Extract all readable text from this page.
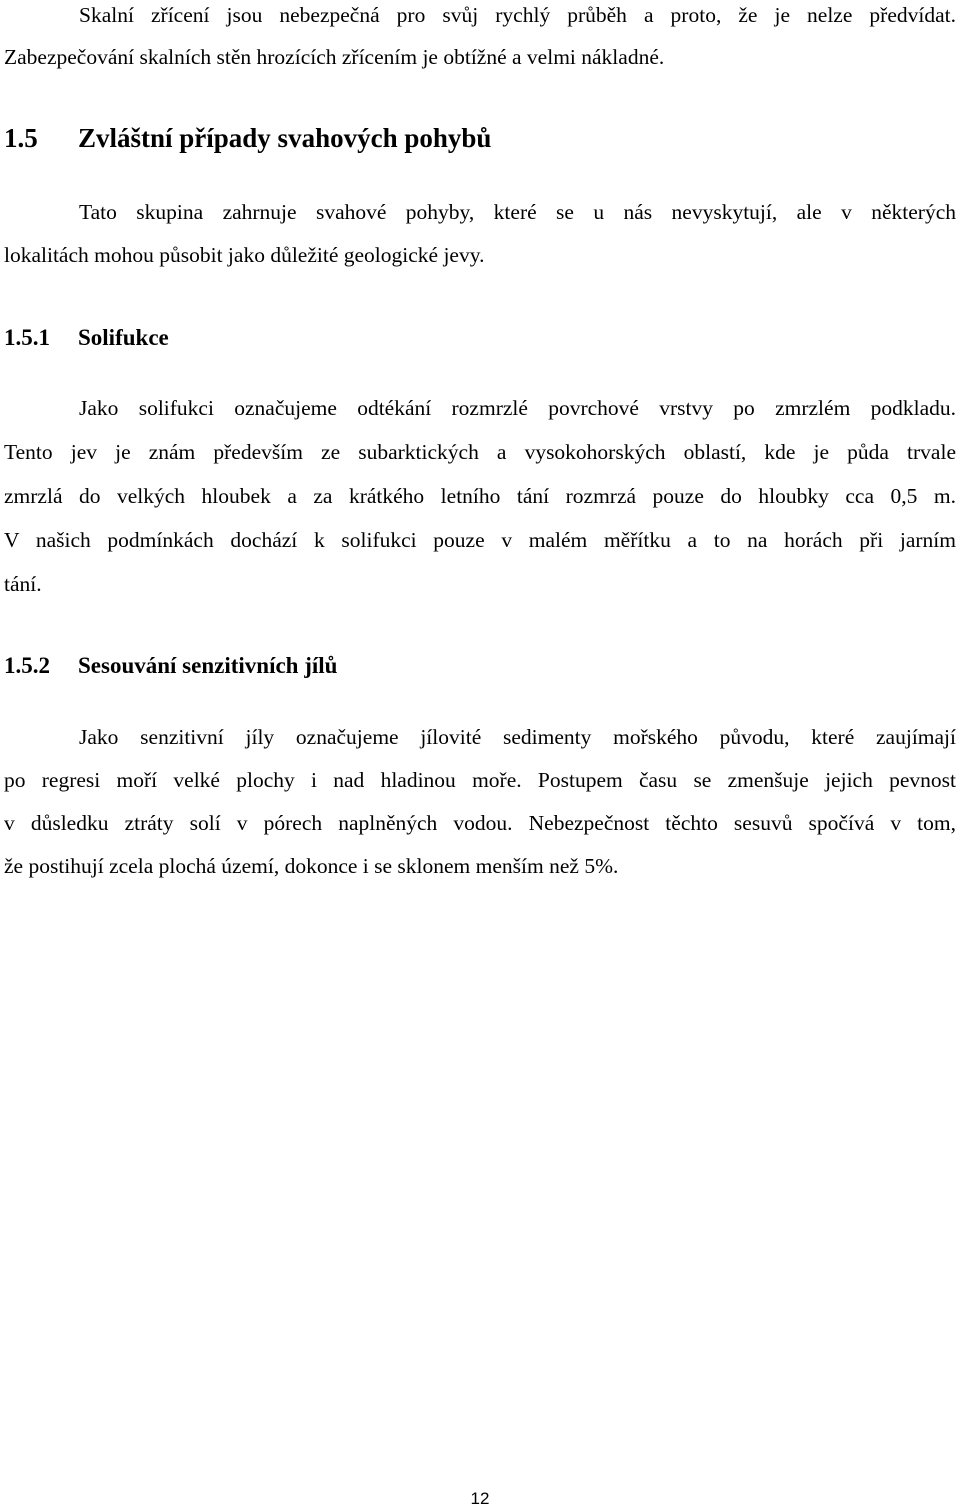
Skalní zřícení jsou nebezpečná pro svůj rychlý průběh a proto, že je nelze předvídat.
Zabezpečování skalních stěn hrozících zřícením je obtížné a velmi nákladné.
1.5 Zvláštní případy svahových pohybů
Tato skupina zahrnuje svahové pohyby, které se u nás nevyskytují, ale v některých
lokalitách mohou působit jako důležité geologické jevy.
1.5.1 Solifukce
Jako solifukci označujeme odtékání rozmrzlé povrchové vrstvy po zmrzlém podkladu.
Tento jev je znám především ze subarktických a vysokohorských oblastí, kde je půda trvale
zmrzlá do velkých hloubek a za krátkého letního tání rozmrzá pouze do hloubky cca 0,5 m.
V našich podmínkách dochází k solifukci pouze v malém měřítku a to na horách při jarním
tání.
1.5.2 Sesouvání senzitivních jílů
Jako senzitivní jíly označujeme jílovité sedimenty mořského původu, které zaujímají
po regresi moří velké plochy i nad hladinou moře. Postupem času se zmenšuje jejich pevnost
v důsledku ztráty solí v pórech naplněných vodou. Nebezpečnost těchto sesuvů spočívá v tom,
že postihují zcela plochá území, dokonce i se sklonem menším než 5%.
12
